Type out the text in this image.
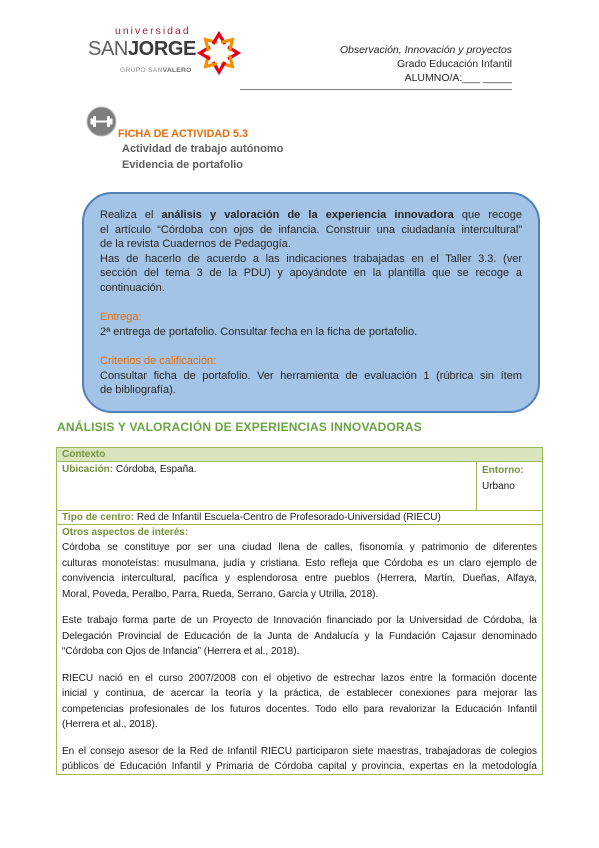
universidad
SANJORGE
GRUPO SANVALERO
Observación, Innovación y proyectos
Grado Educación Infantil
ALUMNO/A:___ _____
FICHA DE ACTIVIDAD 5.3
Actividad de trabajo autónomo
Evidencia de portafolio
Realiza el análisis y valoración de la experiencia innovadora que recoge
el artículo “Córdoba con ojos de infancia. Construir una ciudadanía intercultural”
de la revista Cuadernos de Pedagogía.
Has de hacerlo de acuerdo a las indicaciones trabajadas en el Taller 3.3. (ver
sección del tema 3 de la PDU) y apoyándote en la plantilla que se recoge a
continuación.
Entrega:
2ª entrega de portafolio. Consultar fecha en la ficha de portafolio.
Criterios de calificación:
Consultar ficha de portafolio. Ver herramienta de evaluación 1 (rúbrica sin ítem
de bibliografía).
ANÁLISIS Y VALORACIÓN DE EXPERIENCIAS INNOVADORAS
Contexto
Ubicación: Córdoba, España.	Entorno:
Urbano
Tipo de centro: Red de Infantil Escuela-Centro de Profesorado-Universidad (RIECU)
Otros aspectos de interés:
Córdoba se constituye por ser una ciudad llena de calles, fisonomía y patrimonio de diferentes
culturas monoteístas: musulmana, judía y cristiana. Esto refleja que Córdoba es un claro ejemplo de
convivencia intercultural, pacífica y esplendorosa entre pueblos (Herrera, Martín, Dueñas, Alfaya,
Moral, Poveda, Peralbo, Parra, Rueda, Serrano, García y Utrilla, 2018).
Este trabajo forma parte de un Proyecto de Innovación financiado por la Universidad de Córdoba, la
Delegación Provincial de Educación de la Junta de Andalucía y la Fundación Cajasur denominado
“Córdoba con Ojos de Infancia” (Herrera et al., 2018).
RIECU nació en el curso 2007/2008 con el objetivo de estrechar lazos entre la formación docente
inicial y continua, de acercar la teoría y la práctica, de establecer conexiones para mejorar las
competencias profesionales de los futuros docentes. Todo ello para revalorizar la Educación Infantil
(Herrera et al., 2018).
En el consejo asesor de la Red de Infantil RIECU participaron siete maestras, trabajadoras de colegios
públicos de Educación Infantil y Primaria de Córdoba capital y provincia, expertas en la metodología
